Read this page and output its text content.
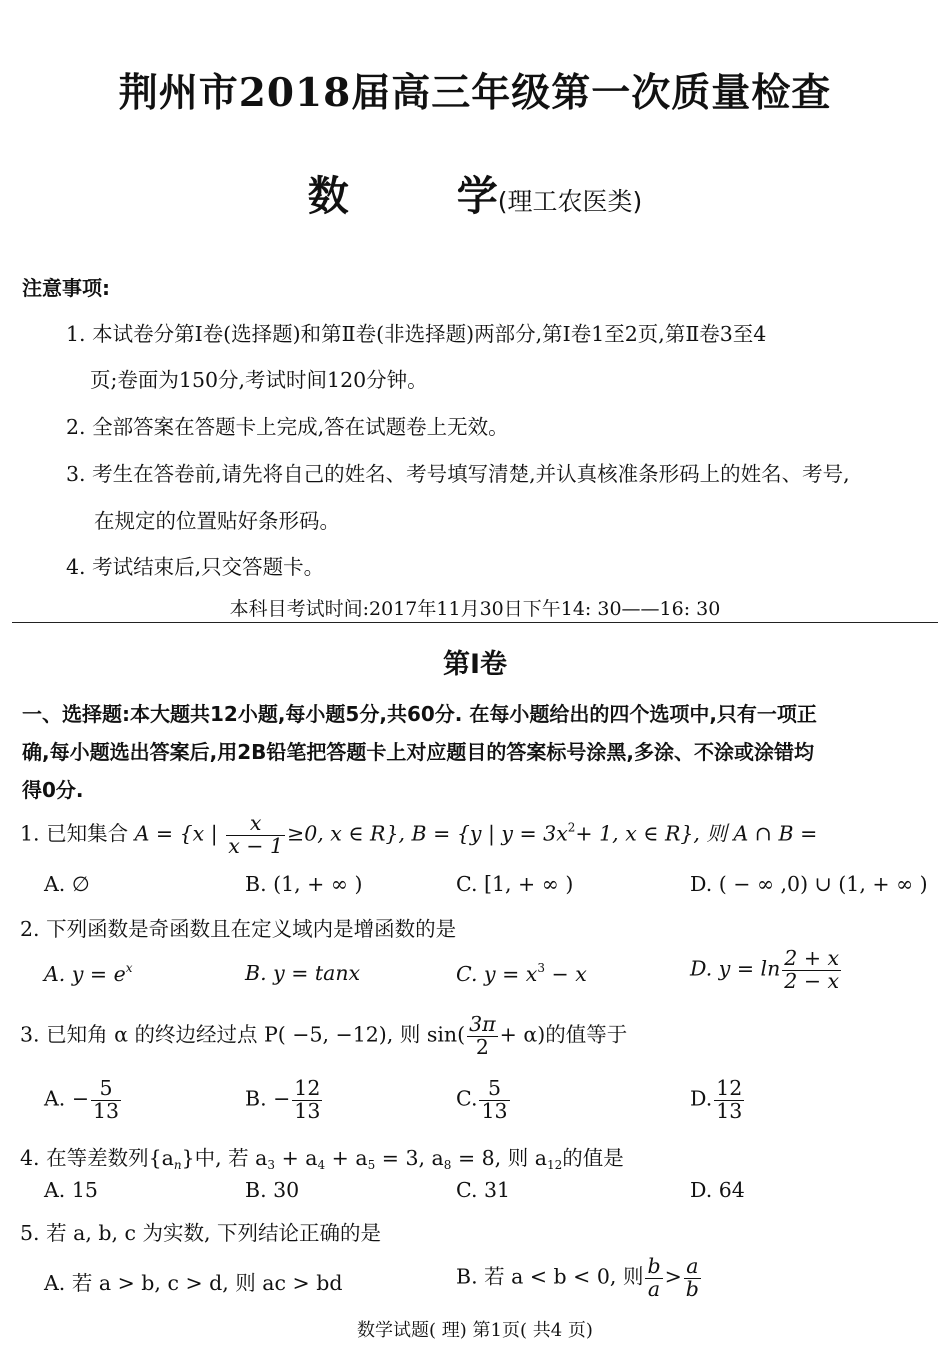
荆州市2018届高三年级第一次质量检查
数	学(理工农医类)
注意事项:
1. 本试卷分第Ⅰ卷(选择题)和第Ⅱ卷(非选择题)两部分,第Ⅰ卷1至2页,第Ⅱ卷3至4
页;卷面为150分,考试时间120分钟。
2. 全部答案在答题卡上完成,答在试题卷上无效。
3. 考生在答卷前,请先将自己的姓名、考号填写清楚,并认真核准条形码上的姓名、考号,
在规定的位置贴好条形码。
4. 考试结束后,只交答题卡。
本科目考试时间:2017年11月30日下午14: 30——16: 30
第Ⅰ卷
一、选择题:本大题共12小题,每小题5分,共60分. 在每小题给出的四个选项中,只有一项正
确,每小题选出答案后,用2B铅笔把答题卡上对应题目的答案标号涂黑,多涂、不涂或涂错均
得0分.
1. 已知集合 A = {x | $\frac{x}{x - 1} \ge 0$, x ∈ R}, B = {y | $y = 3x^2+ 1$, x ∈ R}, 则 A ∩ B =
A. ∅	B. (1, + ∞ )	C. [1, + ∞ )	D. ( − ∞ ,0) ∪ (1, + ∞ )
2. 下列函数是奇函数且在定义域内是增函数的是
A. $y = e^x$	B. y = tanx	C. $y = x^3 - x$	D. $y = \ln \frac{2 + x}{2 - x}$
3. 已知角 α 的终边经过点 P( −5, −12), 则 $\sin( \frac{3\pi}{2} + \alpha)$的值等于
A. − $\frac{5}{13}$	B. − $\frac{12}{13}$	C. $\frac{5}{13}$	D. $\frac{12}{13}$
4. 在等差数列$\{a_n\}$中, 若 $a_3 + a_4 + a_5 = 3$, $a_8 = 8$, 则 $a_{12}$的值是
A. 15	B. 30	C. 31	D. 64
5. 若 a, b, c 为实数, 下列结论正确的是
A. 若 a > b, c > d, 则 ac > bd	B. 若 a < b < 0, 则 $\frac{b}{a} > \frac{a}{b}$
数学试题( 理) 第1页( 共4 页)
